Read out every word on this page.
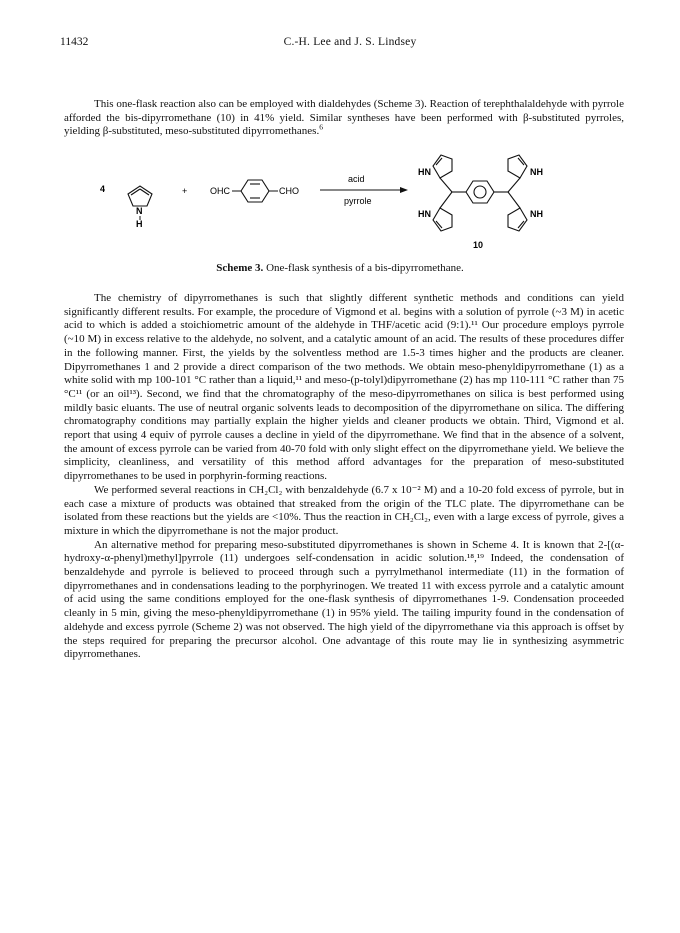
11432	C.-H. Lee and J. S. Lindsey

This one-flask reaction also can be employed with dialdehydes (Scheme 3). Reaction of terephthalaldehyde with pyrrole afforded the bis-dipyrromethane (10) in 41% yield. Similar syntheses have been performed with β-substituted pyrroles, yielding β-substituted, meso-substituted dipyrromethanes.$^6$

4
N
H
+	OHC	CHO
acid
pyrrole
HN	NH
HN	NH
10
Scheme 3. One-flask synthesis of a bis-dipyrromethane.

The chemistry of dipyrromethanes is such that slightly different synthetic methods and conditions can yield significantly different results. For example, the procedure of Vigmond et al. begins with a solution of pyrrole (~3 M) in acetic acid to which is added a stoichiometric amount of the aldehyde in THF/acetic acid (9:1).¹¹ Our procedure employs pyrrole (~10 M) in excess relative to the aldehyde, no solvent, and a catalytic amount of an acid. The results of these procedures differ in the following manner. First, the yields by the solventless method are 1.5-3 times higher and the products are cleaner. Dipyrromethanes 1 and 2 provide a direct comparison of the two methods. We obtain meso-phenyldipyrromethane (1) as a white solid with mp 100-101 °C rather than a liquid,¹¹ and meso-(p-tolyl)dipyrromethane (2) has mp 110-111 °C rather than 75 °C¹¹ (or an oil¹³). Second, we find that the chromatography of the meso-dipyrromethanes on silica is best performed using mildly basic eluants. The use of neutral organic solvents leads to decomposition of the dipyrromethane on silica. The differing chromatography conditions may partially explain the higher yields and cleaner products we obtain. Third, Vigmond et al. report that using 4 equiv of pyrrole causes a decline in yield of the dipyrromethane. We find that in the absence of a solvent, the amount of excess pyrrole can be varied from 40-70 fold with only slight effect on the dipyrromethane yield. We believe the simplicity, cleanliness, and versatility of this method afford advantages for the preparation of meso-substituted dipyrromethanes to be used in porphyrin-forming reactions.

We performed several reactions in CH₂Cl₂ with benzaldehyde (6.7 x 10⁻² M) and a 10-20 fold excess of pyrrole, but in each case a mixture of products was obtained that streaked from the origin of the TLC plate. The dipyrromethane can be isolated from these reactions but the yields are <10%. Thus the reaction in CH₂Cl₂, even with a large excess of pyrrole, gives a mixture in which the dipyrromethane is not the major product.

An alternative method for preparing meso-substituted dipyrromethanes is shown in Scheme 4. It is known that 2-[(α-hydroxy-α-phenyl)methyl]pyrrole (11) undergoes self-condensation in acidic solution.¹⁸,¹⁹ Indeed, the condensation of benzaldehyde and pyrrole is believed to proceed through such a pyrrylmethanol intermediate (11) in the formation of dipyrromethanes and in condensations leading to the porphyrinogen. We treated 11 with excess pyrrole and a catalytic amount of acid using the same conditions employed for the one-flask synthesis of dipyrromethanes 1-9. Condensation proceeded cleanly in 5 min, giving the meso-phenyldipyrromethane (1) in 95% yield. The tailing impurity found in the condensation of aldehyde and excess pyrrole (Scheme 2) was not observed. The high yield of the dipyrromethane via this approach is offset by the steps required for preparing the precursor alcohol. One advantage of this route may lie in synthesizing asymmetric dipyrromethanes.
